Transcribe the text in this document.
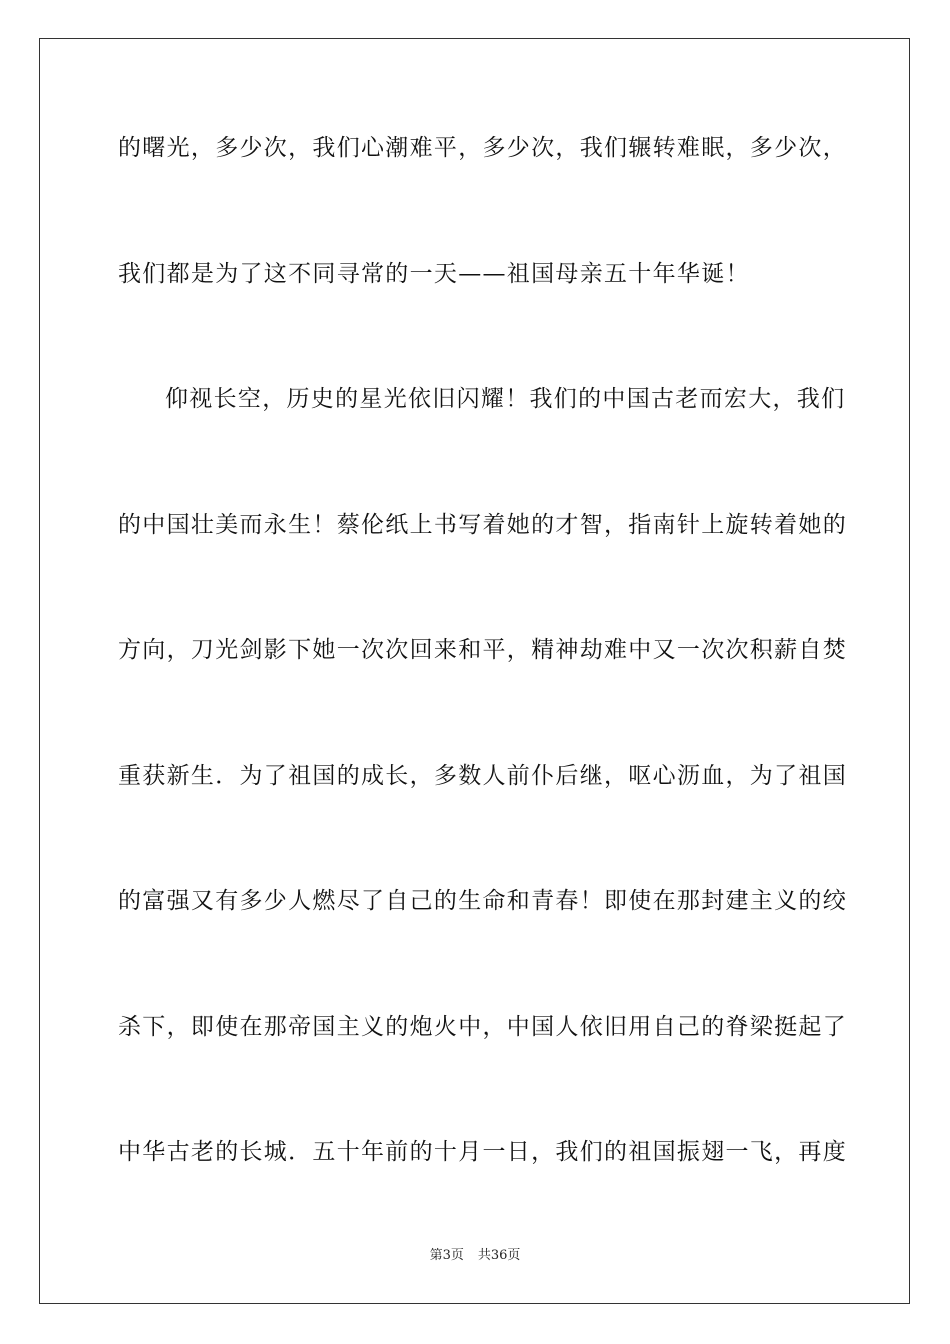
的曙光，多少次，我们心潮难平，多少次，我们辗转难眠，多少次，
我们都是为了这不同寻常的一天——祖国母亲五十年华诞！
仰视长空，历史的星光依旧闪耀！我们的中国古老而宏大，我们
的中国壮美而永生！蔡伦纸上书写着她的才智，指南针上旋转着她的
方向，刀光剑影下她一次次回来和平，精神劫难中又一次次积薪自焚
重获新生．为了祖国的成长，多数人前仆后继，呕心沥血，为了祖国
的富强又有多少人燃尽了自己的生命和青春！即使在那封建主义的绞
杀下，即使在那帝国主义的炮火中，中国人依旧用自己的脊梁挺起了
中华古老的长城．五十年前的十月一日，我们的祖国振翅一飞，再度
第3页 共36页
